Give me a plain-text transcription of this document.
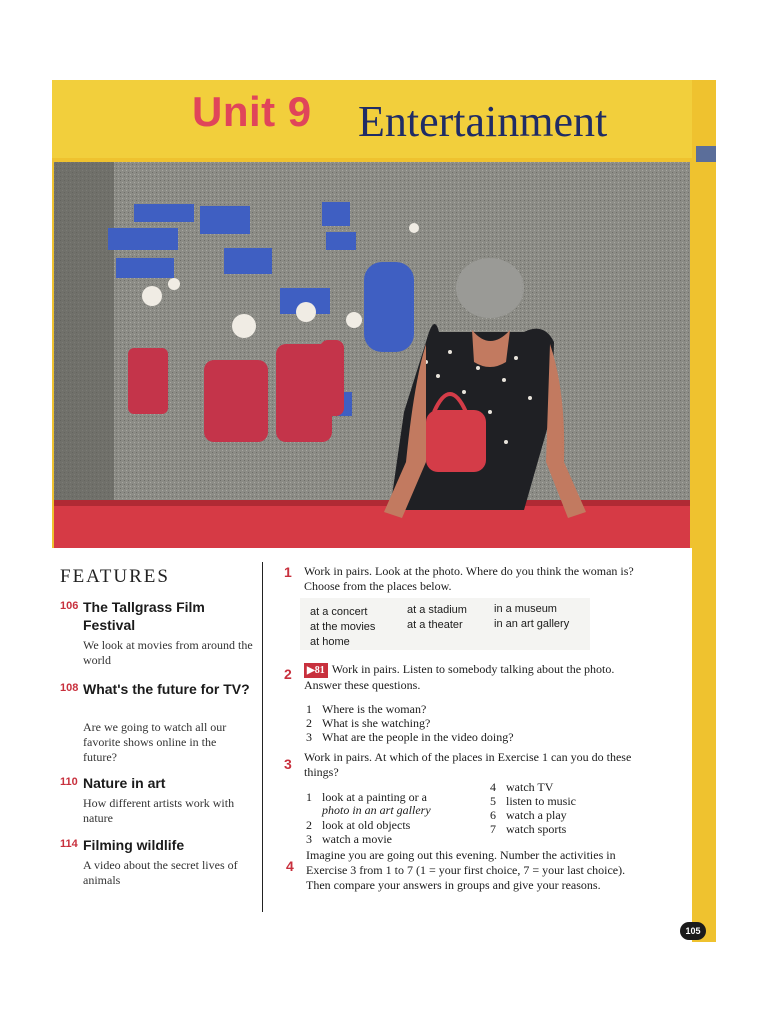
Unit 9 Entertainment
FEATURES
106 The Tallgrass Film Festival
We look at movies from around the world
108 What's the future for TV?
Are we going to watch all our favorite shows online in the future?
110 Nature in art
How different artists work with nature
114 Filming wildlife
A video about the secret lives of animals
1 Work in pairs. Look at the photo. Where do you think the woman is? Choose from the places below.
at a concert
at the movies
at home
at a stadium
at a theater
in a museum
in an art gallery
2	▶81 Work in pairs. Listen to somebody talking about the photo. Answer these questions.
1 Where is the woman?
2 What is she watching?
3 What are the people in the video doing?
3 Work in pairs. At which of the places in Exercise 1 can you do these things?
1 look at a painting or a
photo in an art gallery
2 look at old objects
3 watch a movie
4 watch TV
5 listen to music
6 watch a play
7 watch sports
4
Imagine you are going out this evening. Number the activities in Exercise 3 from 1 to 7 (1 = your first choice, 7 = your last choice). Then compare your answers in groups and give your reasons.
105
